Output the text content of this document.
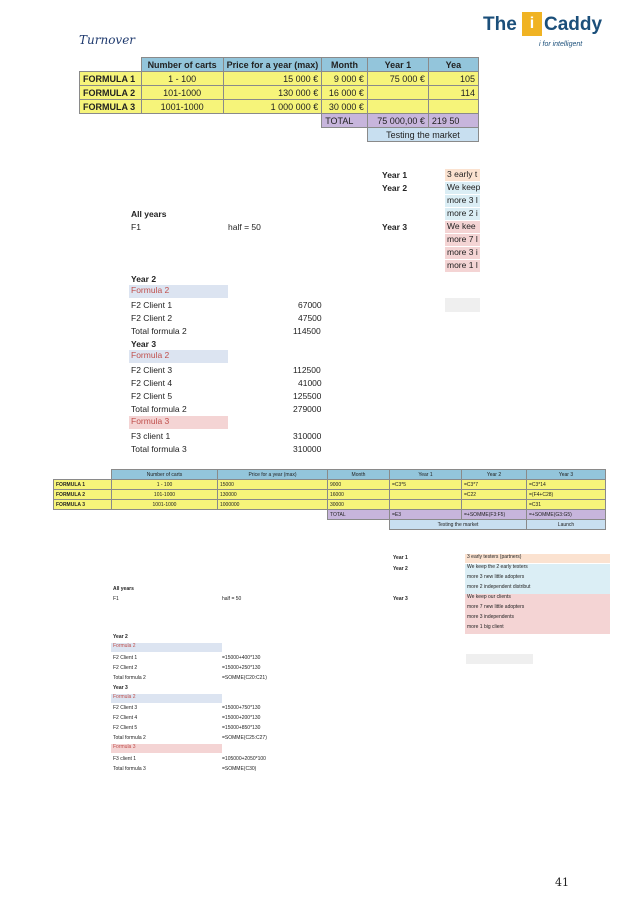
Turnover
The i Caddy
i for intelligent
	Number of carts	Price for a year (max)	Month	Year 1	Yea
FORMULA 1	1 - 100	15 000 €	9 000 €	75 000 €	105
FORMULA 2	101-1000	130 000 €	16 000 €		114
FORMULA 3	1001-1000	1 000 000 €	30 000 €		
			TOTAL	75 000,00 €	219 50
				Testing the market	
Year 1	3 early t
Year 2	We keep
more 3 l
more 2 i
Year 3	We kee
more 7 l
more 3 i
more 1 l
All years
F1	half = 50
Year 2
Formula 2
F2 Client 1	67000
F2 Client 2	47500
Total formula 2	114500
Year 3
Formula 2
F2 Client 3	112500
F2 Client 4	41000
F2 Client 5	125500
Total formula 2	279000
Formula 3
F3 client 1	310000
Total formula 3	310000
	Number of carts	Price for a year (max)	Month	Year 1	Year 2	Year 3
FORMULA 1	1 - 100	15000	9000	=C3*5	=C3*7	=C3*14
FORMULA 2	101-1000	130000	16000		=C22	=(F4+C28)
FORMULA 3	1001-1000	1000000	30000			=C31
			TOTAL	=E3	=+SOMME(F3:F5)	=+SOMME(G3:G5)
				Testing the market		Launch
Year 1	3 early testers (partners)
Year 2	We keep the 2 early testers
more 3 new little adopters
more 2 independent distribut
Year 3	We keep our clients
more 7 new little adopters
more 3 independents
more 1 big client
All years
F1	half = 50
Year 2
Formula 2
F2 Client 1	=15000+400*130
F2 Client 2	=15000+250*130
Total formula 2	=SOMME(C20:C21)
Year 3
Formula 2
F2 Client 3	=15000+750*130
F2 Client 4	=15000+200*130
F2 Client 5	=15000+850*130
Total formula 2	=SOMME(C25:C27)
Formula 3
F3 client 1	=105000+2050*100
Total formula 3	=SOMME(C30)
41
